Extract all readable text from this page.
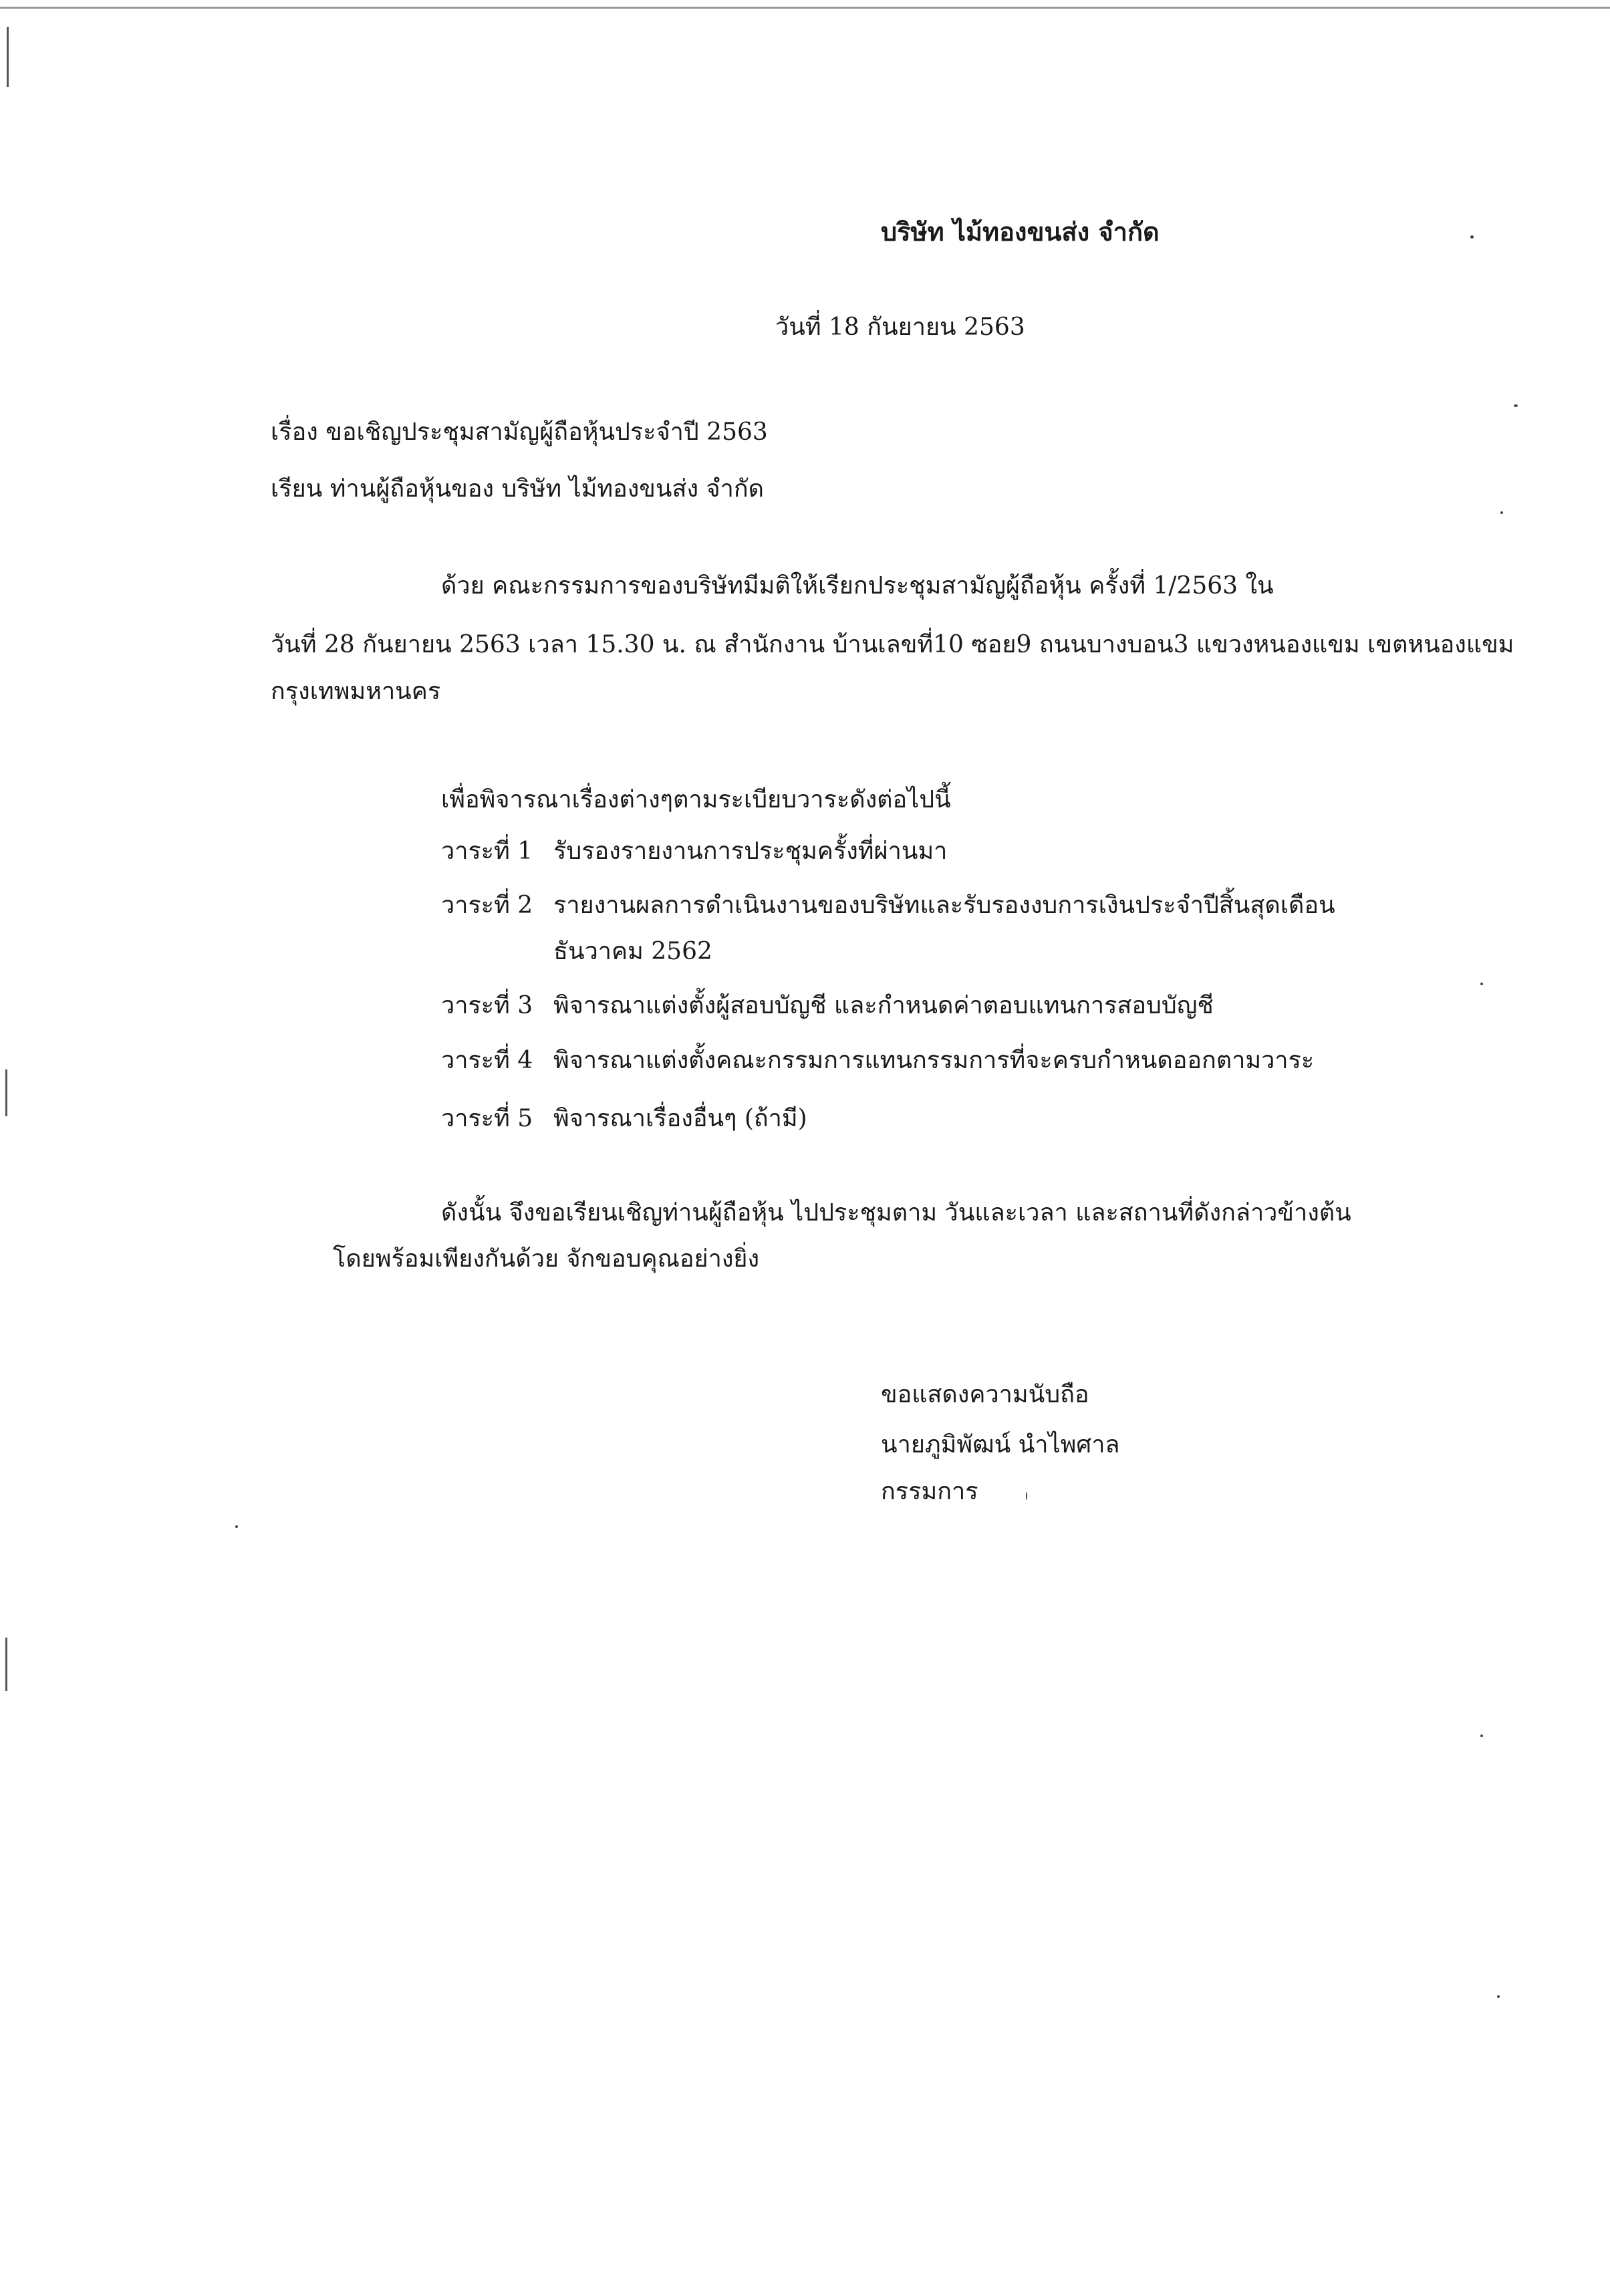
บริษัท ไม้ทองขนส่ง จำกัด
วันที่ 18 กันยายน 2563
เรื่อง ขอเชิญประชุมสามัญผู้ถือหุ้นประจำปี 2563
เรียน ท่านผู้ถือหุ้นของ บริษัท ไม้ทองขนส่ง จำกัด
ด้วย คณะกรรมการของบริษัทมีมติให้เรียกประชุมสามัญผู้ถือหุ้น ครั้งที่ 1/2563 ใน
วันที่ 28 กันยายน 2563 เวลา 15.30 น. ณ สำนักงาน บ้านเลขที่10 ซอย9 ถนนบางบอน3 แขวงหนองแขม เขตหนองแขม
กรุงเทพมหานคร
เพื่อพิจารณาเรื่องต่างๆตามระเบียบวาระดังต่อไปนี้
วาระที่ 1 รับรองรายงานการประชุมครั้งที่ผ่านมา
วาระที่ 2 รายงานผลการดำเนินงานของบริษัทและรับรองงบการเงินประจำปีสิ้นสุดเดือน
ธันวาคม 2562
วาระที่ 3 พิจารณาแต่งตั้งผู้สอบบัญชี และกำหนดค่าตอบแทนการสอบบัญชี
วาระที่ 4 พิจารณาแต่งตั้งคณะกรรมการแทนกรรมการที่จะครบกำหนดออกตามวาระ
วาระที่ 5 พิจารณาเรื่องอื่นๆ (ถ้ามี)
ดังนั้น จึงขอเรียนเชิญท่านผู้ถือหุ้น ไปประชุมตาม วันและเวลา และสถานที่ดังกล่าวข้างต้น
โดยพร้อมเพียงกันด้วย จักขอบคุณอย่างยิ่ง
ขอแสดงความนับถือ
นายภูมิพัฒน์ นำไพศาล
กรรมการ
